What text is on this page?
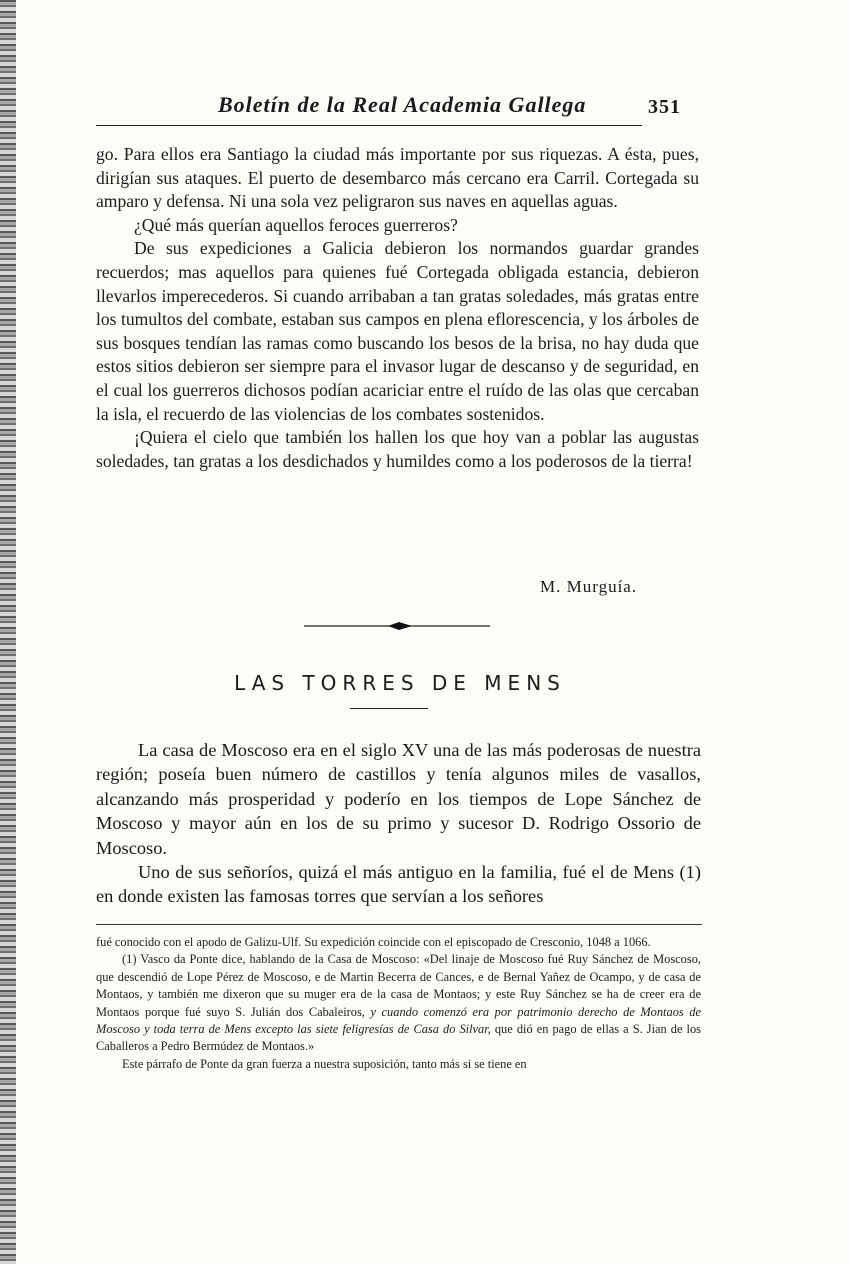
Boletín de la Real Academia Gallega	351

go. Para ellos era Santiago la ciudad más importante por sus riquezas. A ésta, pues, dirigían sus ataques. El puerto de desembarco más cercano era Carril. Cortegada su amparo y defensa. Ni una sola vez peligraron sus naves en aquellas aguas.

¿Qué más querían aquellos feroces guerreros?

De sus expediciones a Galicia debieron los normandos guardar grandes recuerdos; mas aquellos para quienes fué Cortegada obligada estancia, debieron llevarlos imperecederos. Si cuando arribaban a tan gratas soledades, más gratas entre los tumultos del combate, estaban sus campos en plena eflorescencia, y los árboles de sus bosques tendían las ramas como buscando los besos de la brisa, no hay duda que estos sitios debieron ser siempre para el invasor lugar de descanso y de seguridad, en el cual los guerreros dichosos podían acariciar entre el ruído de las olas que cercaban la isla, el recuerdo de las violencias de los combates sostenidos.

¡Quiera el cielo que también los hallen los que hoy van a poblar las augustas soledades, tan gratas a los desdichados y humildes como a los poderosos de la tierra!

M. Murguía.
LAS TORRES DE MENS

La casa de Moscoso era en el siglo XV una de las más poderosas de nuestra región; poseía buen número de castillos y tenía algunos miles de vasallos, alcanzando más prosperidad y poderío en los tiempos de Lope Sánchez de Moscoso y mayor aún en los de su primo y sucesor D. Rodrigo Ossorio de Moscoso.

Uno de sus señoríos, quizá el más antiguo en la familia, fué el de Mens (1) en donde existen las famosas torres que servían a los señores

fué conocido con el apodo de Galizu-Ulf. Su expedición coincide con el episcopado de Cresconio, 1048 a 1066.

(1) Vasco da Ponte dice, hablando de la Casa de Moscoso: «Del linaje de Moscoso fué Ruy Sánchez de Moscoso, que descendió de Lope Pérez de Moscoso, e de Martin Becerra de Cances, e de Bernal Yañez de Ocampo, y de casa de Montaos, y también me dixeron que su muger era de la casa de Montaos; y este Ruy Sánchez se ha de creer era de Montaos porque fué suyo S. Julián dos Cabaleiros, y cuando comenzó era por patrimonio derecho de Montaos de Moscoso y toda terra de Mens excepto las siete feligresías de Casa do Silvar, que dió en pago de ellas a S. Jian de los Caballeros a Pedro Bermúdez de Montaos.»

Este párrafo de Ponte da gran fuerza a nuestra suposición, tanto más si se tiene en
